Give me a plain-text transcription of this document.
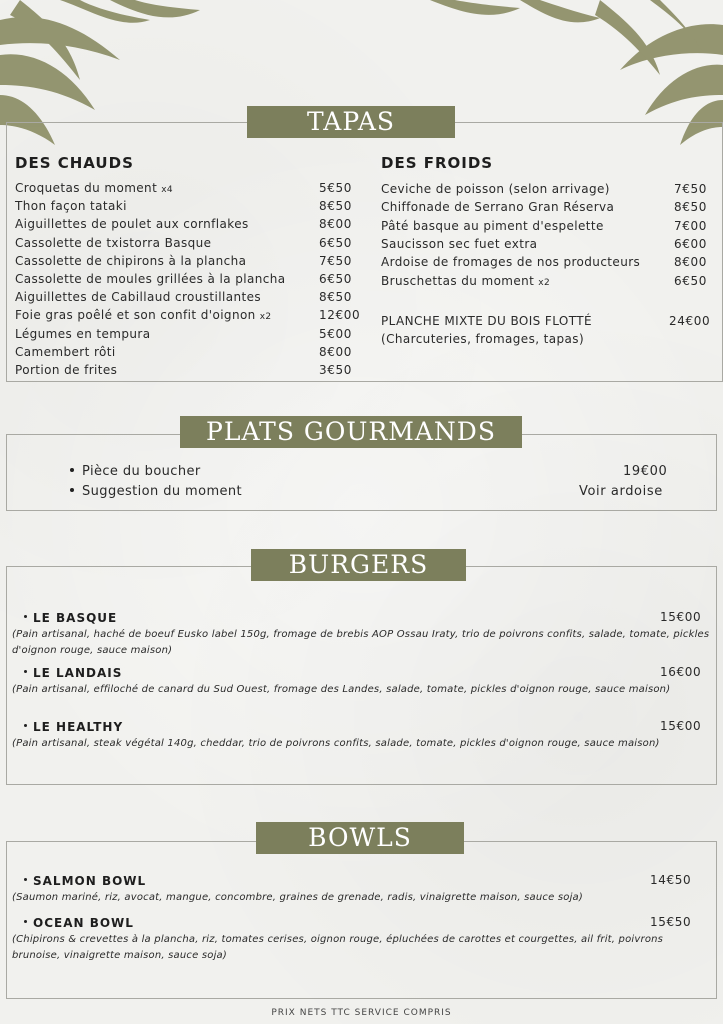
TAPAS
DES CHAUDS
Croquetas du moment x4	5€50
Thon façon tataki	8€50
Aiguillettes de poulet aux cornflakes	8€00
Cassolette de txistorra Basque	6€50
Cassolette de chipirons à la plancha	7€50
Cassolette de moules grillées à la plancha	6€50
Aiguillettes de Cabillaud croustillantes	8€50
Foie gras poêlé et son confit d'oignon x2	12€00
Légumes en tempura	5€00
Camembert rôti	8€00
Portion de frites	3€50
DES FROIDS
Ceviche de poisson (selon arrivage)	7€50
Chiffonade de Serrano Gran Réserva	8€50
Pâté basque au piment d'espelette	7€00
Saucisson sec fuet extra	6€00
Ardoise de fromages de nos producteurs	8€00
Bruschettas du moment x2	6€50
PLANCHE MIXTE DU BOIS FLOTTÉ	24€00
(Charcuteries, fromages, tapas)
PLATS GOURMANDS
Pièce du boucher	19€00
Suggestion du moment	Voir ardoise
BURGERS
LE BASQUE	15€00
(Pain artisanal, haché de boeuf Eusko label 150g, fromage de brebis AOP Ossau Iraty, trio de poivrons confits, salade, tomate, pickles d'oignon rouge, sauce maison)
LE LANDAIS	16€00
(Pain artisanal, effiloché de canard du Sud Ouest, fromage des Landes, salade, tomate, pickles d'oignon rouge, sauce maison)
LE HEALTHY	15€00
(Pain artisanal, steak végétal 140g, cheddar, trio de poivrons confits, salade, tomate, pickles d'oignon rouge, sauce maison)
BOWLS
SALMON BOWL	14€50
(Saumon mariné, riz, avocat, mangue, concombre, graines de grenade, radis, vinaigrette maison, sauce soja)
OCEAN BOWL	15€50
(Chipirons & crevettes à la plancha, riz, tomates cerises, oignon rouge, épluchées de carottes et courgettes, ail frit, poivrons brunoise, vinaigrette maison, sauce soja)
PRIX NETS TTC SERVICE COMPRIS
